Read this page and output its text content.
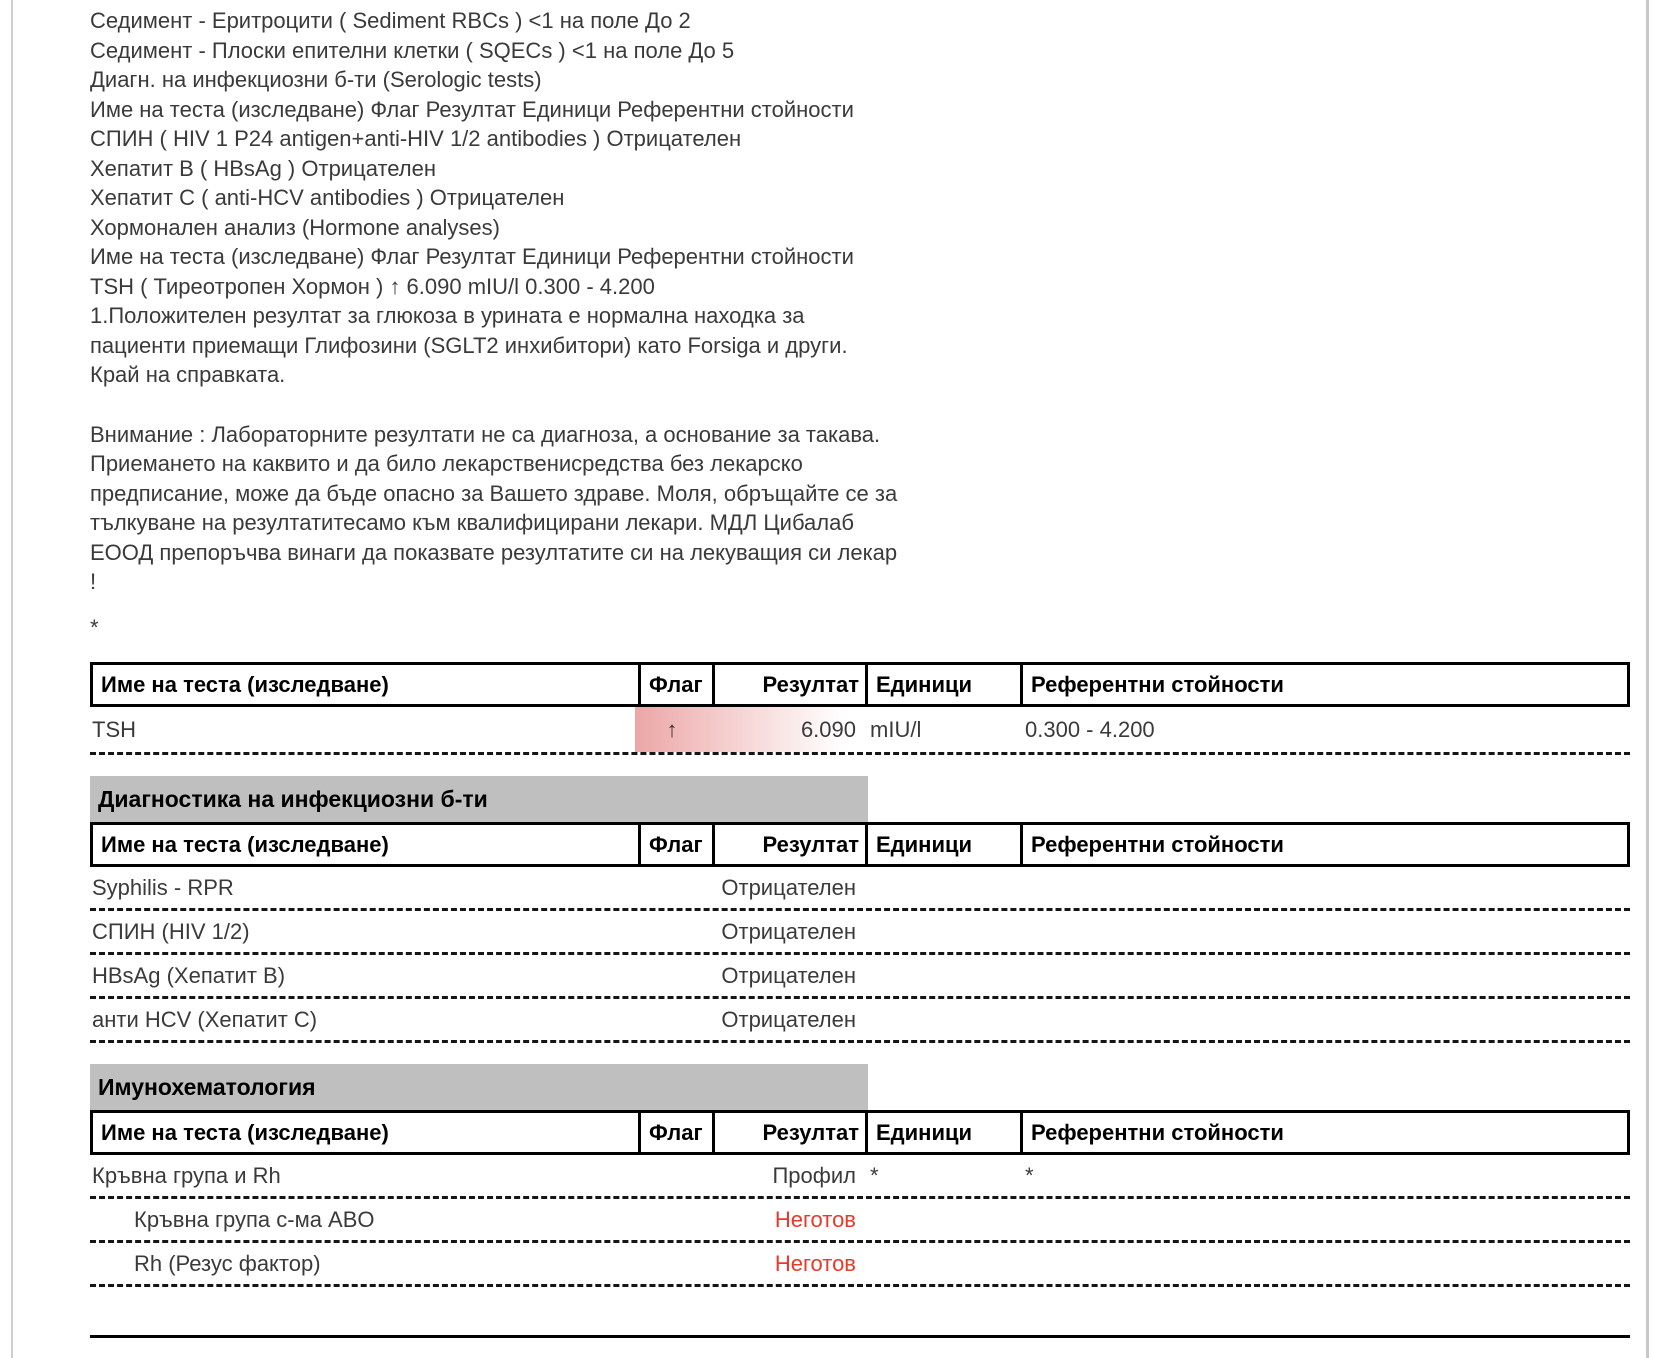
Седимент - Еритроцити ( Sediment RBCs ) <1 на поле До 2
Седимент - Плоски епителни клетки ( SQECs ) <1 на поле До 5
Диагн. на инфекциозни б-ти (Serologic tests)
Име на теста (изследване) Флаг Резултат Единици Референтни стойности
СПИН ( HIV 1 P24 antigen+anti-HIV 1/2 antibodies ) Отрицателен
Хепатит B ( HBsAg ) Отрицателен
Хепатит C ( anti-HCV antibodies ) Отрицателен
Хормонален анализ (Hormone analyses)
Име на теста (изследване) Флаг Резултат Единици Референтни стойности
TSH ( Тиреотропен Хормон ) ↑ 6.090 mIU/l 0.300 - 4.200
1.Положителен резултат за глюкоза в урината е нормална находка за
пациенти приемащи Глифозини (SGLT2 инхибитори) като Forsiga и други.
Край на справката.
Внимание : Лабораторните резултати не са диагноза, а основание за такава.
Приемането на каквито и да било лекарственисредства без лекарско
предписание, може да бъде опасно за Вашето здраве. Моля, обръщайте се за
тълкуване на резултатитесамо към квалифицирани лекари. МДЛ Цибалаб
ЕООД препоръчва винаги да показвате резултатите си на лекуващия си лекар
!
*
Име на теста (изследване)	Флаг	Резултат Единици	Референтни стойности
TSH	↑	6.090 mIU/l	0.300 - 4.200
Диагностика на инфекциозни б-ти
Име на теста (изследване)	Флаг	Резултат Единици	Референтни стойности
Syphilis - RPR	Отрицателен
СПИН (HIV 1/2)	Отрицателен
HBsAg (Хепатит B)	Отрицателен
анти HCV (Хепатит C)	Отрицателен
Имунохематология
Име на теста (изследване)	Флаг	Резултат Единици	Референтни стойности
Кръвна група и Rh	Профил *	*
Кръвна група с-ма ABO	Неготов
Rh (Резус фактор)	Неготов
